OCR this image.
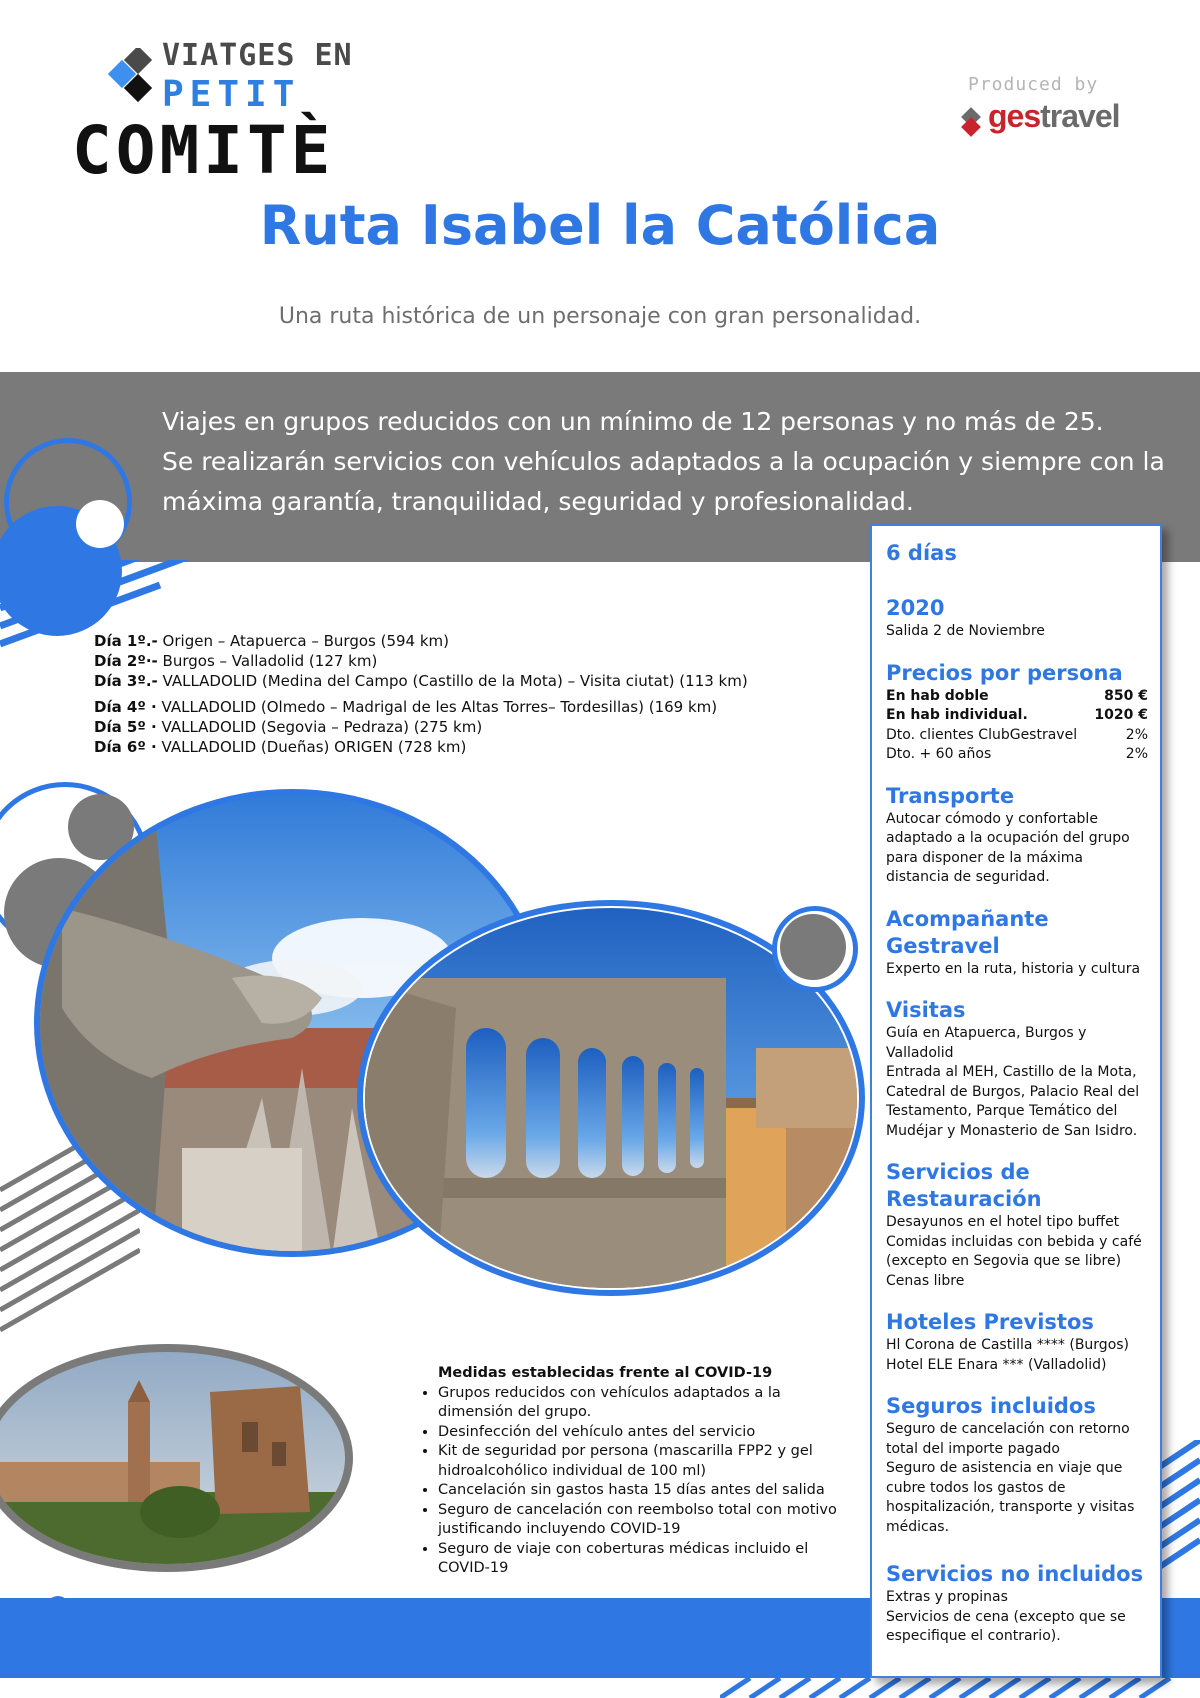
VIATGES EN
PETIT
COMITÈ
Produced by
gestravel
Ruta Isabel la Católica
Una ruta histórica de un personaje con gran personalidad.
Viajes en grupos reducidos con un mínimo de 12 personas y no más de 25.
Se realizarán servicios con vehículos adaptados a la ocupación y siempre con la máxima garantía, tranquilidad, seguridad y profesionalidad.
Día 1º.- Origen – Atapuerca – Burgos (594 km)
Día 2º·- Burgos – Valladolid (127 km)
Día 3º.- VALLADOLID (Medina del Campo (Castillo de la Mota) – Visita ciutat) (113 km)
Día 4º · VALLADOLID (Olmedo – Madrigal de les Altas Torres– Tordesillas) (169 km)
Día 5º · VALLADOLID (Segovia – Pedraza) (275 km)
Día 6º · VALLADOLID (Dueñas) ORIGEN (728 km)
Medidas establecidas frente al COVID-19
• Grupos reducidos con vehículos adaptados a la dimensión del grupo.
• Desinfección del vehículo antes del servicio
• Kit de seguridad por persona (mascarilla FPP2 y gel hidroalcohólico individual de 100 ml)
• Cancelación sin gastos hasta 15 días antes del salida
• Seguro de cancelación con reembolso total con motivo justificando incluyendo COVID-19
• Seguro de viaje con coberturas médicas incluido el COVID-19
6 días
2020
Salida 2 de Noviembre
Precios por persona
En hab doble	850 €
En hab individual.	1020 €
Dto. clientes ClubGestravel	2%
Dto. + 60 años	2%
Transporte
Autocar cómodo y confortable adaptado a la ocupación del grupo para disponer de la máxima distancia de seguridad.
Acompañante Gestravel
Experto en la ruta, historia y cultura
Visitas
Guía en Atapuerca, Burgos y Valladolid
Entrada al MEH, Castillo de la Mota, Catedral de Burgos, Palacio Real del Testamento, Parque Temático del Mudéjar y Monasterio de San Isidro.
Servicios de Restauración
Desayunos en el hotel tipo buffet
Comidas incluidas con bebida y café (excepto en Segovia que se libre)
Cenas libre
Hoteles Previstos
Hl Corona de Castilla **** (Burgos)
Hotel ELE Enara *** (Valladolid)
Seguros incluidos
Seguro de cancelación con retorno total del importe pagado
Seguro de asistencia en viaje que cubre todos los gastos de hospitalización, transporte y visitas médicas.
Servicios no incluidos
Extras y propinas
Servicios de cena (excepto que se especifique el contrario).
